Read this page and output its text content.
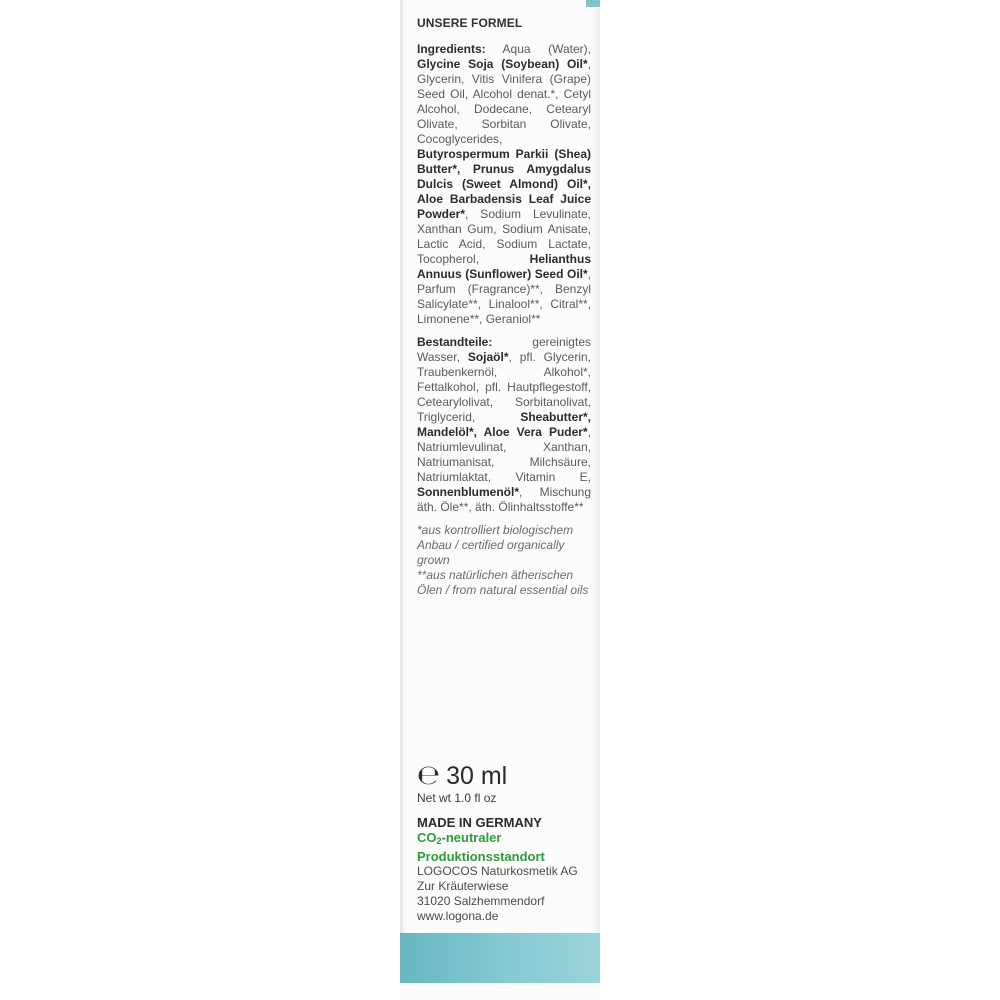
UNSERE FORMEL

Ingredients: Aqua (Water), Glycine Soja (Soybean) Oil*, Glycerin, Vitis Vinifera (Grape) Seed Oil, Alcohol denat.*, Cetyl Alcohol, Dodecane, Cetearyl Olivate, Sorbitan Olivate, Cocoglycerides, Butyrospermum Parkii (Shea) Butter*, Prunus Amygdalus Dulcis (Sweet Almond) Oil*, Aloe Barbadensis Leaf Juice Powder*, Sodium Levulinate, Xanthan Gum, Sodium Anisate, Lactic Acid, Sodium Lactate, Tocopherol, Helianthus Annuus (Sunflower) Seed Oil*, Parfum (Fragrance)**, Benzyl Salicylate**, Linalool**, Citral**, Limonene**, Geraniol**

Bestandteile: gereinigtes Wasser, Sojaöl*, pfl. Glycerin, Traubenkernöl, Alkohol*, Fettalkohol, pfl. Hautpflegestoff, Cetearylolivat, Sorbitanolivat, Triglycerid, Sheabutter*, Mandelöl*, Aloe Vera Puder*, Natriumlevulinat, Xanthan, Natriumanisat, Milchsäure, Natriumlaktat, Vitamin E, Sonnenblumenöl*, Mischung äth. Öle**, äth. Ölinhaltsstoffe**

*aus kontrolliert biologischem Anbau / certified organically grown

**aus natürlichen ätherischen Ölen / from natural essential oils

℮ 30 ml
Net wt 1.0 fl oz
MADE IN GERMANY
$CO_2$-neutraler
Produktionsstandort
LOGOCOS Naturkosmetik AG
Zur Kräuterwiese
31020 Salzhemmendorf
www.logona.de
